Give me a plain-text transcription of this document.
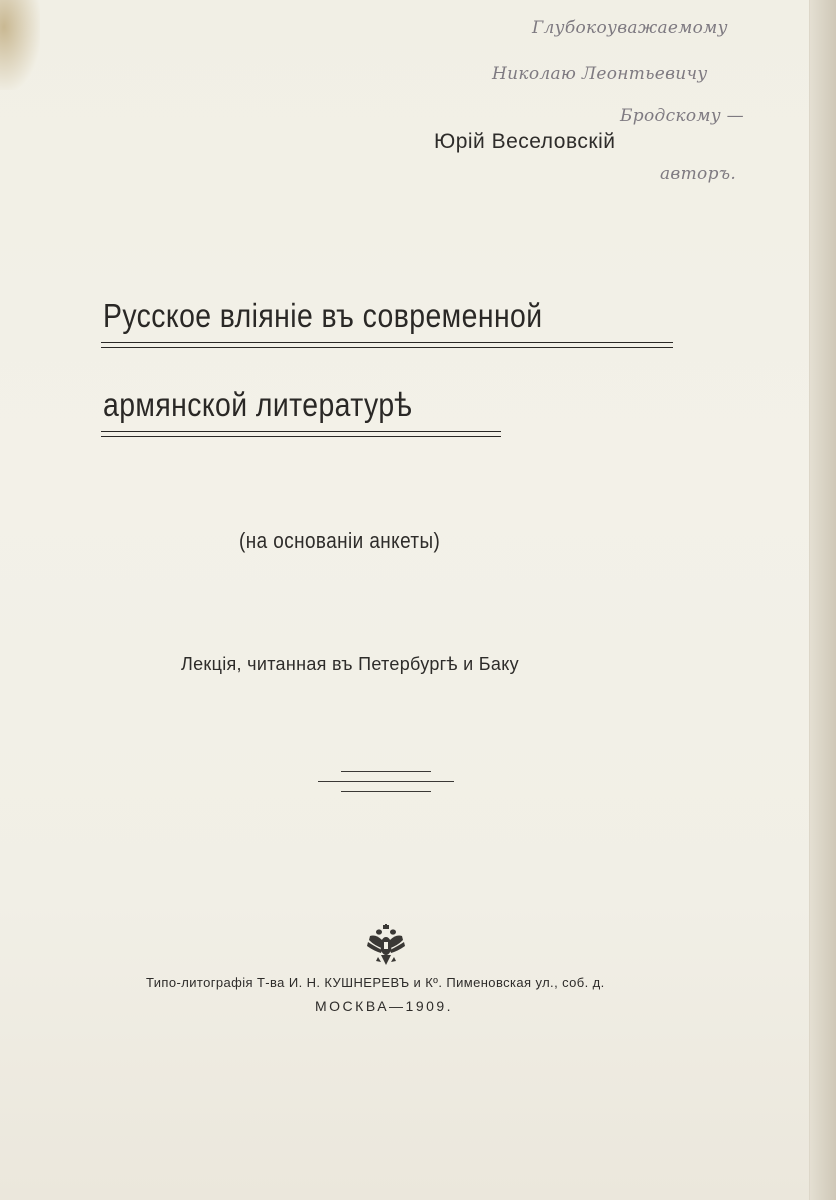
Глубокоуважаемому
Николаю Леонтьевичу
Бродскому —
авторъ.
Юрій Веселовскій
Русское вліяніе въ современной
армянской литературѣ
(на основаніи анкеты)
Лекція, читанная въ Петербургѣ и Баку
Типо-литографія Т-ва И. Н. КУШНЕРЕВЪ и Кº. Пименовская ул., соб. д.
МОСКВА—1909.
